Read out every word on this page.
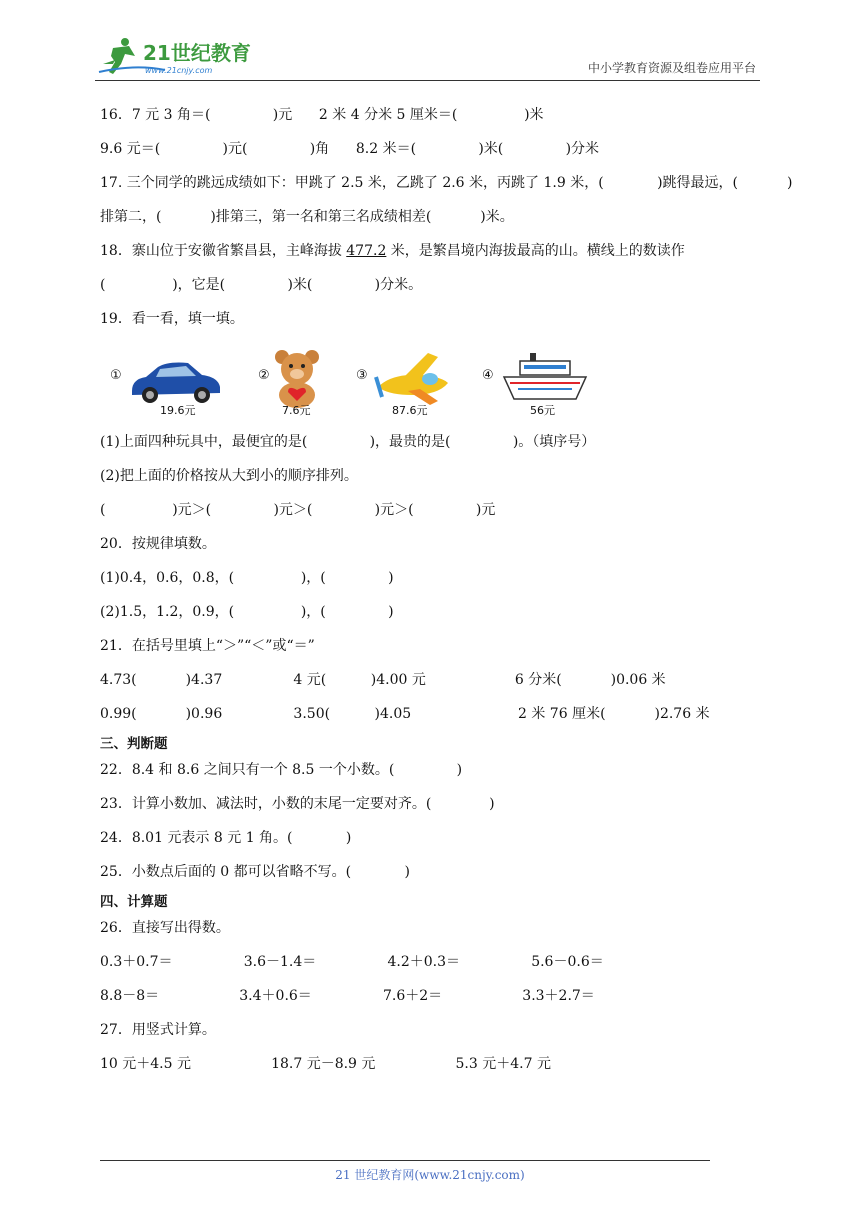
21世纪教育
www.21cnjy.com	中小学教育资源及组卷应用平台
16．7 元 3 角＝(              )元      2 米 4 分米 5 厘米＝(               )米
9.6 元＝(              )元(              )角      8.2 米＝(              )米(              )分米
17. 三个同学的跳远成绩如下：甲跳了 2.5 米，乙跳了 2.6 米，丙跳了 1.9 米，(            )跳得最远，(           )
排第二，(           )排第三，第一名和第三名成绩相差(           )米。
18．寨山位于安徽省繁昌县，主峰海拔 477.2 米，是繁昌境内海拔最高的山。横线上的数读作
(               )，它是(              )米(              )分米。
19．看一看，填一填。
①
19.6元
②
7.6元
③
87.6元
④
56元
(1)上面四种玩具中，最便宜的是(              )，最贵的是(              )。（填序号）
(2)把上面的价格按从大到小的顺序排列。
(               )元＞(              )元＞(              )元＞(              )元
20．按规律填数。
(1)0.4，0.6，0.8，(               )，(              )
(2)1.5，1.2，0.9，(               )，(              )
21．在括号里填上“＞”“＜”或“＝”
4.73(           )4.37                4 元(          )4.00 元                    6 分米(           )0.06 米
0.99(           )0.96                3.50(          )4.05                        2 米 76 厘米(           )2.76 米
三、判断题
22．8.4 和 8.6 之间只有一个 8.5 一个小数。(              )
23．计算小数加、减法时，小数的末尾一定要对齐。(             )
24．8.01 元表示 8 元 1 角。(            )
25．小数点后面的 0 都可以省略不写。(            )
四、计算题
26．直接写出得数。
0.3＋0.7＝                3.6－1.4＝                4.2＋0.3＝                5.6－0.6＝
8.8－8＝                  3.4＋0.6＝                7.6＋2＝                  3.3＋2.7＝
27．用竖式计算。
10 元＋4.5 元                  18.7 元－8.9 元                  5.3 元＋4.7 元
21 世纪教育网(www.21cnjy.com)
